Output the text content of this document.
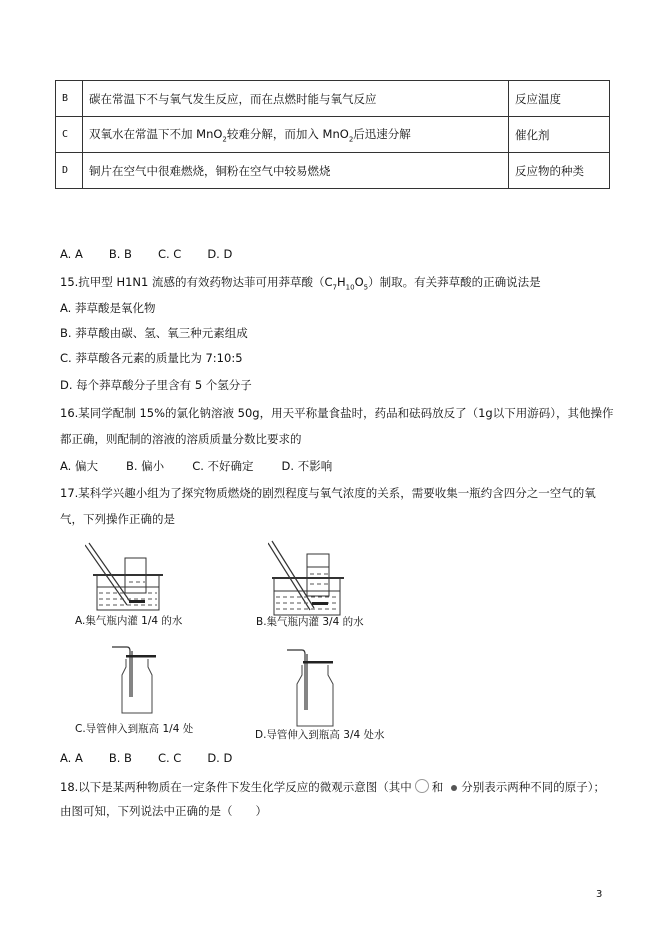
B	碳在常温下不与氧气发生反应，而在点燃时能与氧气反应	反应温度
C	双氧水在常温下不加 MnO$_2$较难分解，而加入 MnO$_2$后迅速分解	催化剂
D	铜片在空气中很难燃烧，铜粉在空气中较易燃烧	反应物的种类
A. A B. B C. C D. D
15.抗甲型 H1N1 流感的有效药物达菲可用莽草酸$(C_7H_{10}O_5)$制取。有关莽草酸的正确说法是
A. 莽草酸是氧化物
B. 莽草酸由碳、氢、氧三种元素组成
C. 莽草酸各元素的质量比为 7:10:5
D. 每个莽草酸分子里含有 5 个氢分子
16.某同学配制 15%的氯化钠溶液 50g，用天平称量食盐时，药品和砝码放反了（1g以下用游码），其他操作
都正确，则配制的溶液的溶质质量分数比要求的
A. 偏大 B. 偏小 C. 不好确定 D. 不影响
17.某科学兴趣小组为了探究物质燃烧的剧烈程度与氧气浓度的关系，需要收集一瓶约含四分之一空气的氧
气，下列操作正确的是
A.集气瓶内灌 1/4 的水	B.集气瓶内灌 3/4 的水
C.导管伸入到瓶高 1/4 处	D.导管伸入到瓶高 3/4 处水
A. A B. B C. C D. D
18.以下是某两种物质在一定条件下发生化学反应的微观示意图（其中 和 分别表示两种不同的原子）；
由图可知，下列说法中正确的是（　　）
3
